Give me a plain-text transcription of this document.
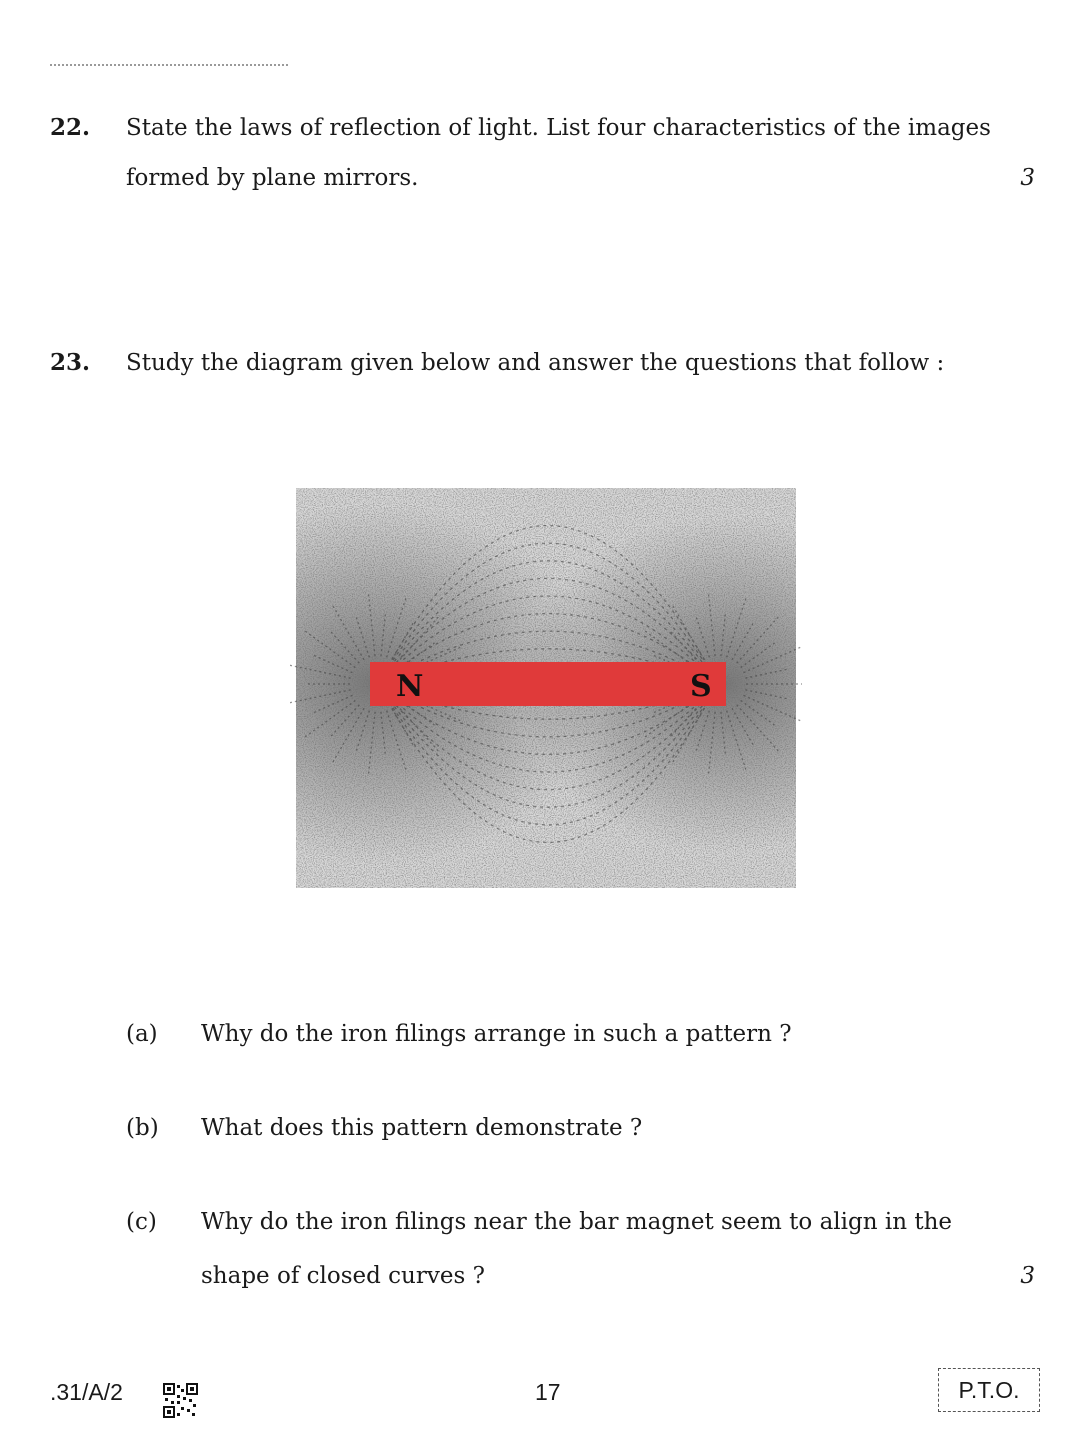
22. State the laws of reflection of light. List four characteristics of the images
formed by plane mirrors.	3
23. Study the diagram given below and answer the questions that follow :
N	S
(a) Why do the iron filings arrange in such a pattern ?
(b) What does this pattern demonstrate ?
(c) Why do the iron filings near the bar magnet seem to align in the
shape of closed curves ?	3
.31/A/2	17	P.T.O.
